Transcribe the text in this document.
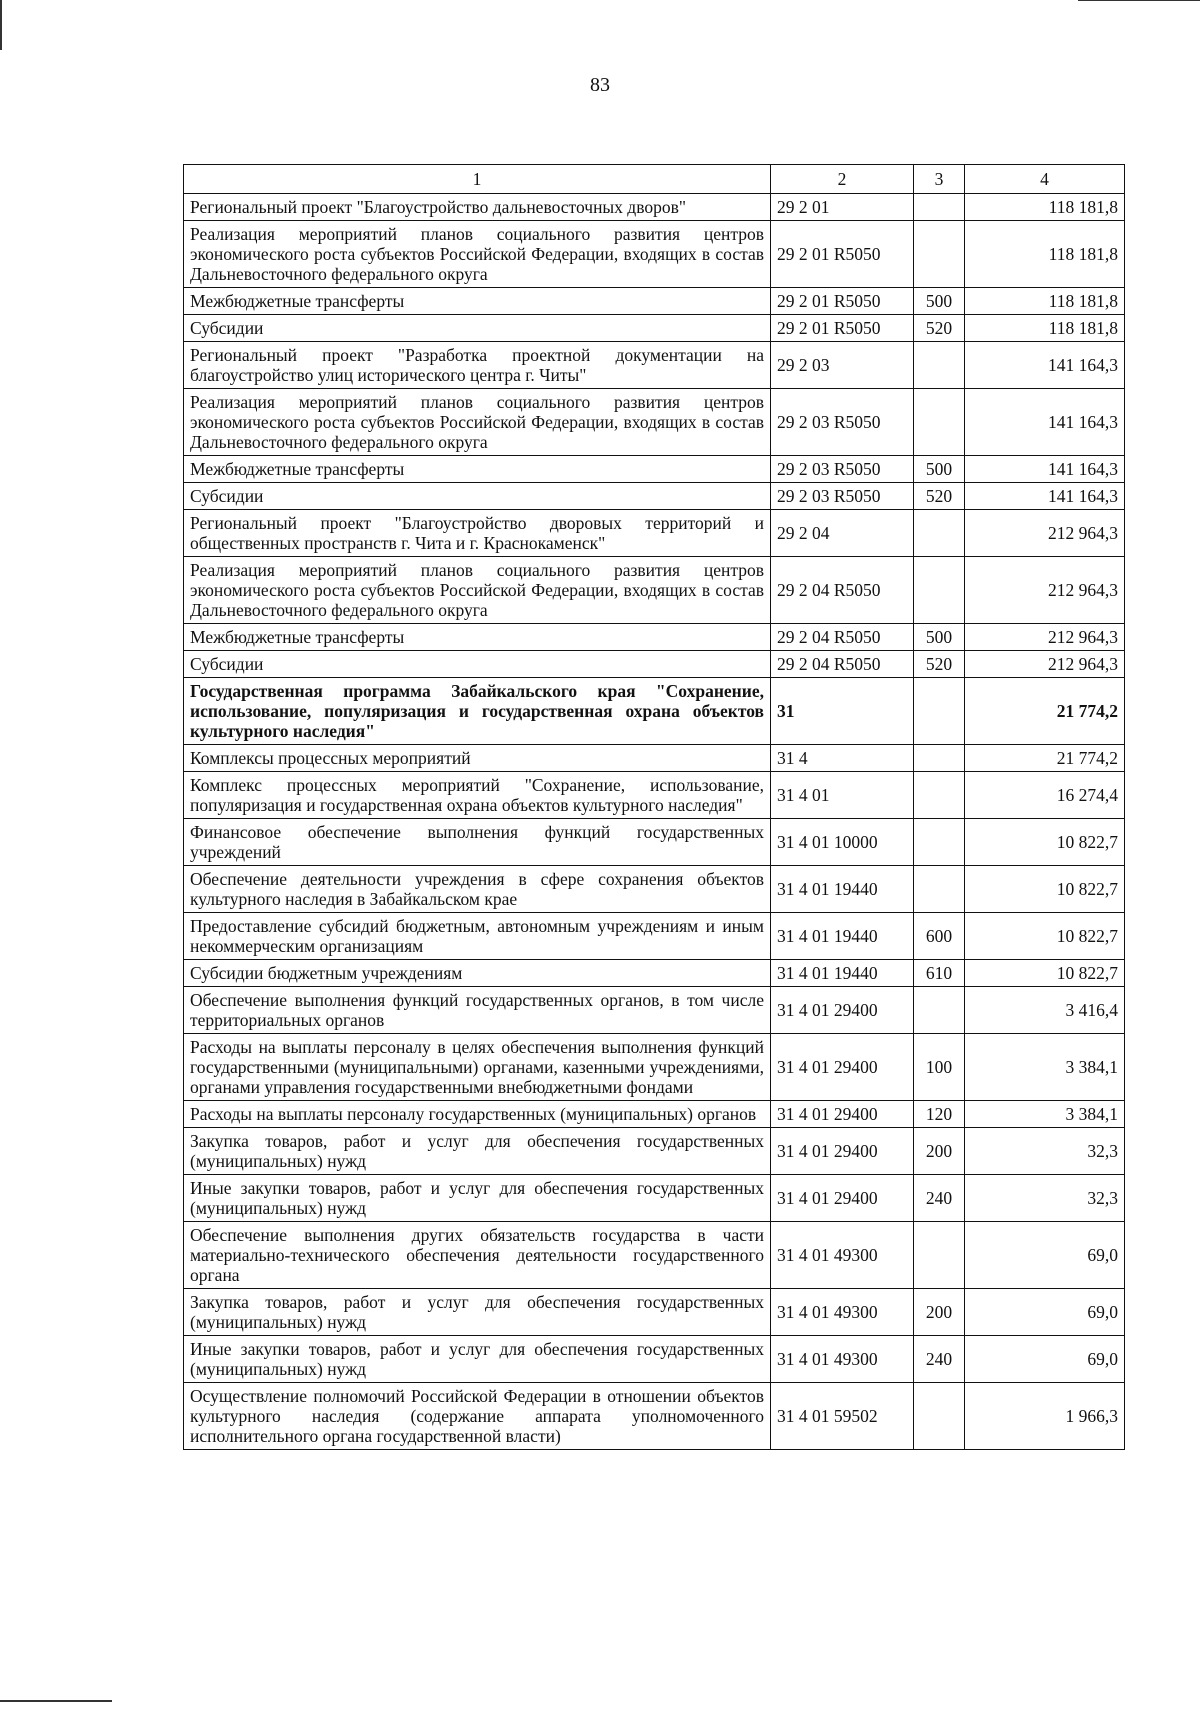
83
1	2	3	4
Региональный проект "Благоустройство дальневосточных дворов"	29 2 01		118 181,8
Реализация мероприятий планов социального развития центров экономического роста субъектов Российской Федерации, входящих в состав Дальневосточного федерального округа	29 2 01 R5050		118 181,8
Межбюджетные трансферты	29 2 01 R5050	500	118 181,8
Субсидии	29 2 01 R5050	520	118 181,8
Региональный проект "Разработка проектной документации на благоустройство улиц исторического центра г. Читы"	29 2 03		141 164,3
Реализация мероприятий планов социального развития центров экономического роста субъектов Российской Федерации, входящих в состав Дальневосточного федерального округа	29 2 03 R5050		141 164,3
Межбюджетные трансферты	29 2 03 R5050	500	141 164,3
Субсидии	29 2 03 R5050	520	141 164,3
Региональный проект "Благоустройство дворовых территорий и общественных пространств г. Чита и г. Краснокаменск"	29 2 04		212 964,3
Реализация мероприятий планов социального развития центров экономического роста субъектов Российской Федерации, входящих в состав Дальневосточного федерального округа	29 2 04 R5050		212 964,3
Межбюджетные трансферты	29 2 04 R5050	500	212 964,3
Субсидии	29 2 04 R5050	520	212 964,3
Государственная программа Забайкальского края "Сохранение, использование, популяризация и государственная охрана объектов культурного наследия"	31		21 774,2
Комплексы процессных мероприятий	31 4		21 774,2
Комплекс процессных мероприятий "Сохранение, использование, популяризация и государственная охрана объектов культурного наследия"	31 4 01		16 274,4
Финансовое обеспечение выполнения функций государственных учреждений	31 4 01 10000		10 822,7
Обеспечение деятельности учреждения в сфере сохранения объектов культурного наследия в Забайкальском крае	31 4 01 19440		10 822,7
Предоставление субсидий бюджетным, автономным учреждениям и иным некоммерческим организациям	31 4 01 19440	600	10 822,7
Субсидии бюджетным учреждениям	31 4 01 19440	610	10 822,7
Обеспечение выполнения функций государственных органов, в том числе территориальных органов	31 4 01 29400		3 416,4
Расходы на выплаты персоналу в целях обеспечения выполнения функций государственными (муниципальными) органами, казенными учреждениями, органами управления государственными внебюджетными фондами	31 4 01 29400	100	3 384,1
Расходы на выплаты персоналу государственных (муниципальных) органов	31 4 01 29400	120	3 384,1
Закупка товаров, работ и услуг для обеспечения государственных (муниципальных) нужд	31 4 01 29400	200	32,3
Иные закупки товаров, работ и услуг для обеспечения государственных (муниципальных) нужд	31 4 01 29400	240	32,3
Обеспечение выполнения других обязательств государства в части материально-технического обеспечения деятельности государственного органа	31 4 01 49300		69,0
Закупка товаров, работ и услуг для обеспечения государственных (муниципальных) нужд	31 4 01 49300	200	69,0
Иные закупки товаров, работ и услуг для обеспечения государственных (муниципальных) нужд	31 4 01 49300	240	69,0
Осуществление полномочий Российской Федерации в отношении объектов культурного наследия (содержание аппарата уполномоченного исполнительного органа государственной власти)	31 4 01 59502		1 966,3
